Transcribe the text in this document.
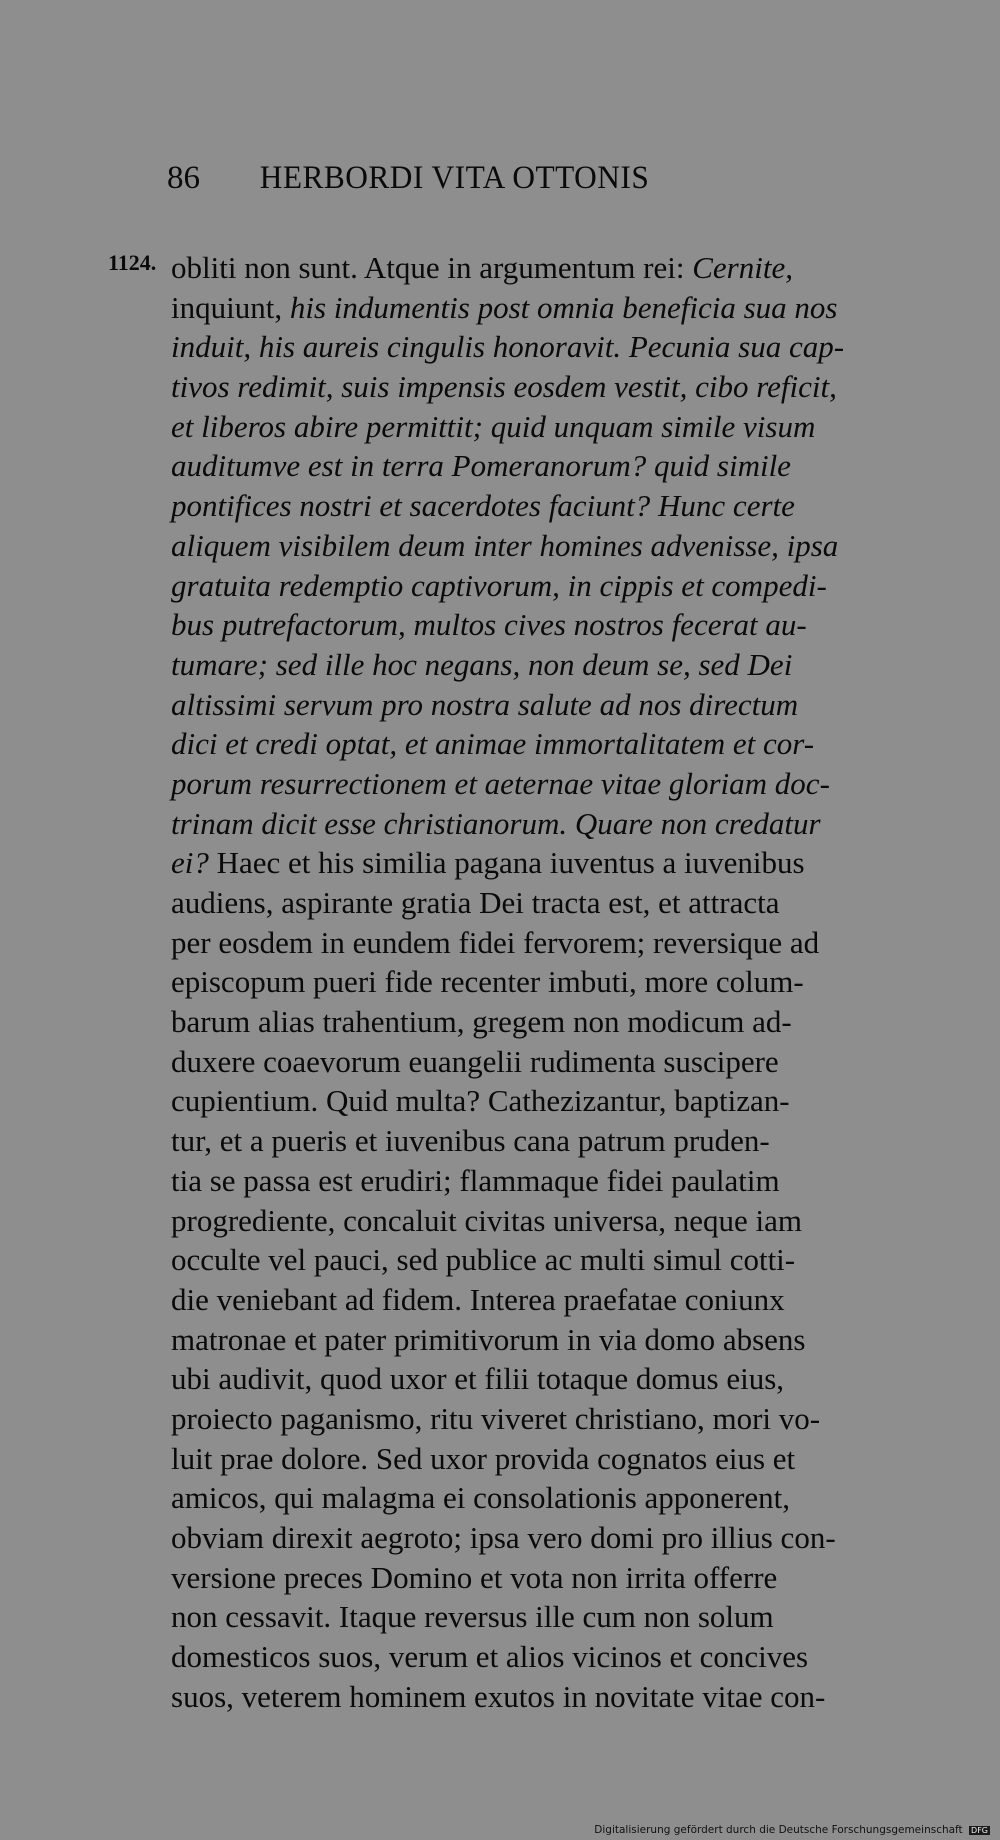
86	HERBORDI VITA OTTONIS
1124. obliti non sunt. Atque in argumentum rei: Cernite,
inquiunt, his indumentis post omnia beneficia sua nos
induit, his aureis cingulis honoravit. Pecunia sua cap-
tivos redimit, suis impensis eosdem vestit, cibo reficit,
et liberos abire permittit; quid unquam simile visum
auditumve est in terra Pomeranorum? quid simile
pontifices nostri et sacerdotes faciunt? Hunc certe
aliquem visibilem deum inter homines advenisse, ipsa
gratuita redemptio captivorum, in cippis et compedi-
bus putrefactorum, multos cives nostros fecerat au-
tumare; sed ille hoc negans, non deum se, sed Dei
altissimi servum pro nostra salute ad nos directum
dici et credi optat, et animae immortalitatem et cor-
porum resurrectionem et aeternae vitae gloriam doc-
trinam dicit esse christianorum. Quare non credatur
ei? Haec et his similia pagana iuventus a iuvenibus
audiens, aspirante gratia Dei tracta est, et attracta
per eosdem in eundem fidei fervorem; reversique ad
episcopum pueri fide recenter imbuti, more colum-
barum alias trahentium, gregem non modicum ad-
duxere coaevorum euangelii rudimenta suscipere
cupientium. Quid multa? Cathezizantur, baptizan-
tur, et a pueris et iuvenibus cana patrum pruden-
tia se passa est erudiri; flammaque fidei paulatim
progrediente, concaluit civitas universa, neque iam
occulte vel pauci, sed publice ac multi simul cotti-
die veniebant ad fidem. Interea praefatae coniunx
matronae et pater primitivorum in via domo absens
ubi audivit, quod uxor et filii totaque domus eius,
proiecto paganismo, ritu viveret christiano, mori vo-
luit prae dolore. Sed uxor provida cognatos eius et
amicos, qui malagma ei consolationis apponerent,
obviam direxit aegroto; ipsa vero domi pro illius con-
versione preces Domino et vota non irrita offerre
non cessavit. Itaque reversus ille cum non solum
domesticos suos, verum et alios vicinos et concives
suos, veterem hominem exutos in novitate vitae con-
Digitalisierung gefördert durch die Deutsche Forschungsgemeinschaft DFG
